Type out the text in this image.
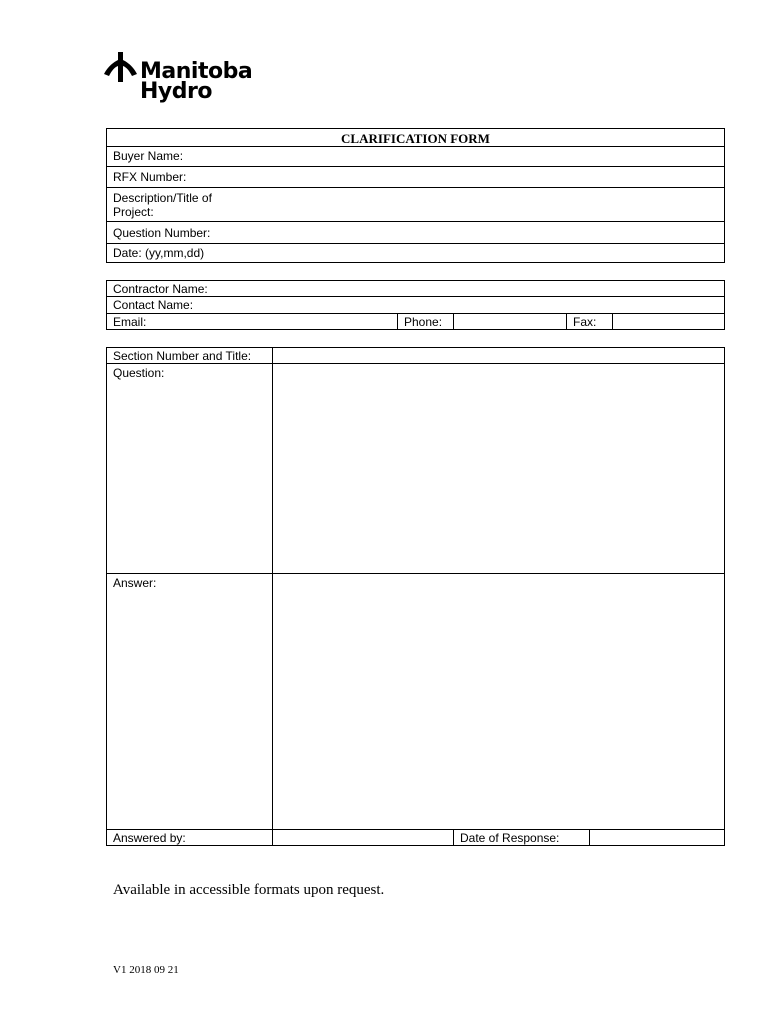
Manitoba
Hydro
CLARIFICATION FORM
Buyer Name:
RFX Number:
Description/Title of
Project:
Question Number:
Date: (yy,mm,dd)
Contractor Name:
Contact Name:
Email:	Phone:	Fax:
Section Number and Title:
Question:
Answer:
Answered by:	Date of Response:
Available in accessible formats upon request.
V1 2018 09 21
